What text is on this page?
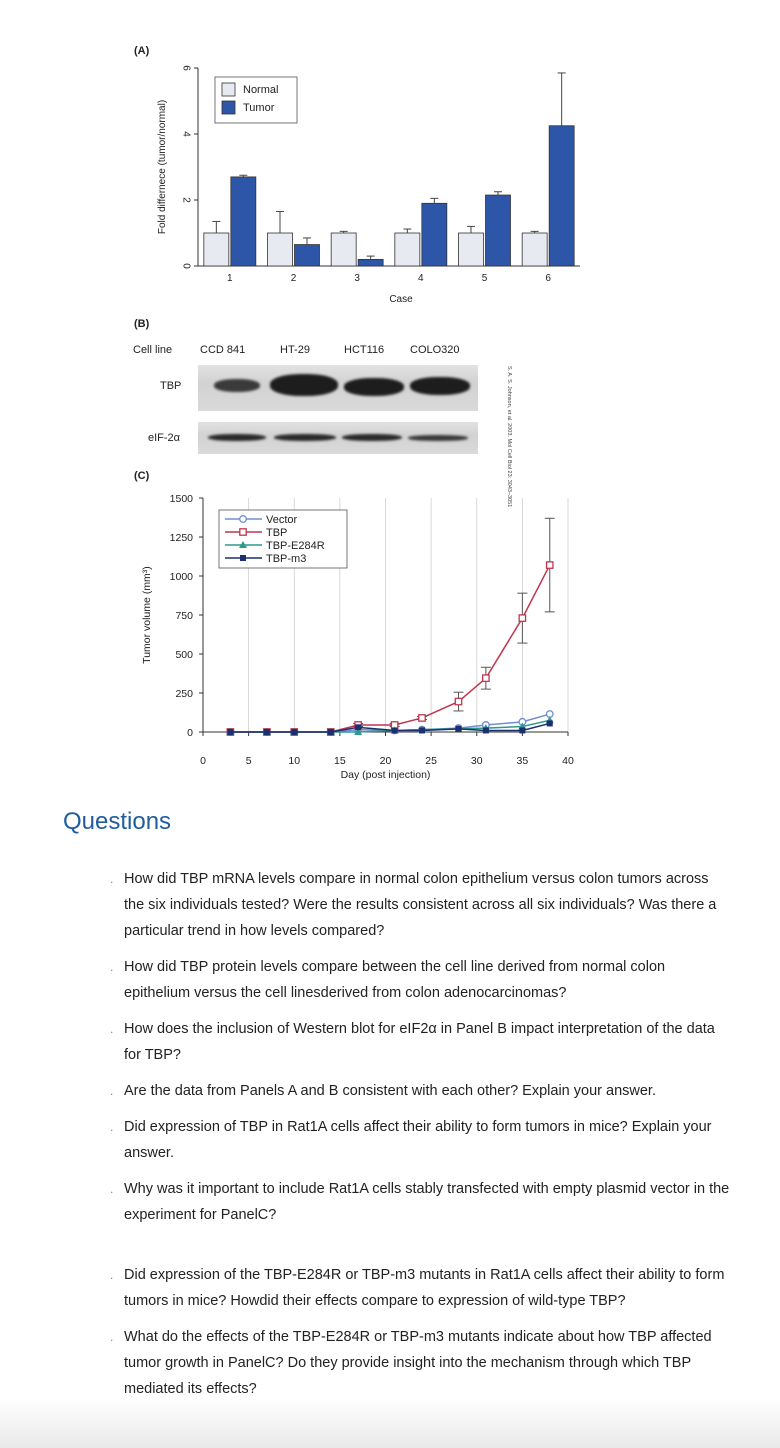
(A)
0
2
4
6
1	2	3	4	5	6
Case
Fold differnece (tumor/normal)
Normal
Tumor
(B)
Cell line	CCD 841	HT-29	HCT116 COLO320
TBP
eIF-2α	S. A. S. Johnson, et al. 2003. Mol Cell Biol 23: 3043–3051
(C)
0	5	10	15	20	25	30	35	40
0
250
500
750
1000
1250
1500
Day (post injection)
Tumor volume (mm³)
Vector
TBP
TBP-E284R
TBP-m3
Questions
. How did TBP mRNA levels compare in normal colon epithelium versus colon tumors across the six individuals tested? Were the results consistent across all six individuals? Was there a particular trend in how levels compared?
. How did TBP protein levels compare between the cell line derived from normal colon epithelium versus the cell linesderived from colon adenocarcinomas?
. How does the inclusion of Western blot for eIF2α in Panel B impact interpretation of the data for TBP?
. Are the data from Panels A and B consistent with each other? Explain your answer.
. Did expression of TBP in Rat1A cells affect their ability to form tumors in mice? Explain your answer.
. Why was it important to include Rat1A cells stably transfected with empty plasmid vector in the experiment for PanelC?
. Did expression of the TBP-E284R or TBP-m3 mutants in Rat1A cells affect their ability to form tumors in mice? Howdid their effects compare to expression of wild-type TBP?
. What do the effects of the TBP-E284R or TBP-m3 mutants indicate about how TBP affected tumor growth in PanelC? Do they provide insight into the mechanism through which TBP mediated its effects?
